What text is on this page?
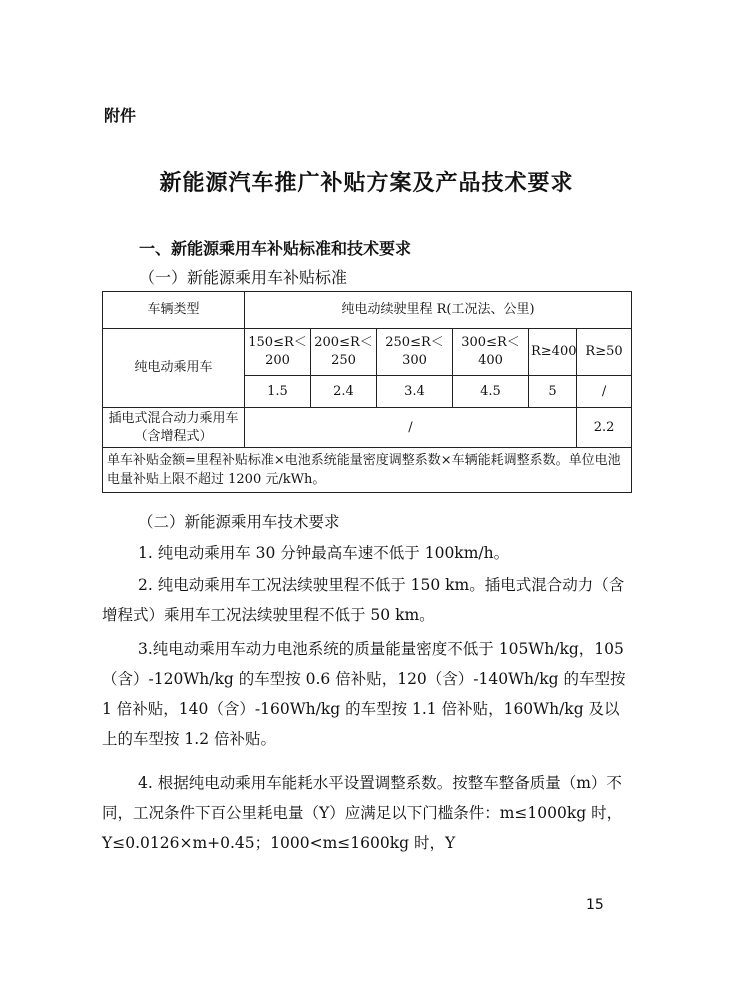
附件
新能源汽车推广补贴方案及产品技术要求
一、新能源乘用车补贴标准和技术要求
（一）新能源乘用车补贴标准
车辆类型	纯电动续驶里程 R(工况法、公里)					
纯电动乘用车	150≤R＜200	200≤R＜250	250≤R＜300	300≤R＜400	R≥400	R≥50
	1.5	2.4	3.4	4.5	5	/
插电式混合动力乘用车（含增程式）	/					2.2
单车补贴金额=里程补贴标准×电池系统能量密度调整系数×车辆能耗调整系数。单位电池电量补贴上限不超过 1200 元/kWh。						
（二）新能源乘用车技术要求
1. 纯电动乘用车 30 分钟最高车速不低于 100km/h。
2. 纯电动乘用车工况法续驶里程不低于 150 km。插电式混合动力（含增程式）乘用车工况法续驶里程不低于 50 km。
3.纯电动乘用车动力电池系统的质量能量密度不低于 105Wh/kg，105（含）-120Wh/kg 的车型按 0.6 倍补贴，120（含）-140Wh/kg 的车型按 1 倍补贴，140（含）-160Wh/kg 的车型按 1.1 倍补贴，160Wh/kg 及以上的车型按 1.2 倍补贴。
4. 根据纯电动乘用车能耗水平设置调整系数。按整车整备质量（m）不同，工况条件下百公里耗电量（Y）应满足以下门槛条件：m≤1000kg 时，Y≤0.0126×m+0.45；1000<m≤1600kg 时，Y
15
